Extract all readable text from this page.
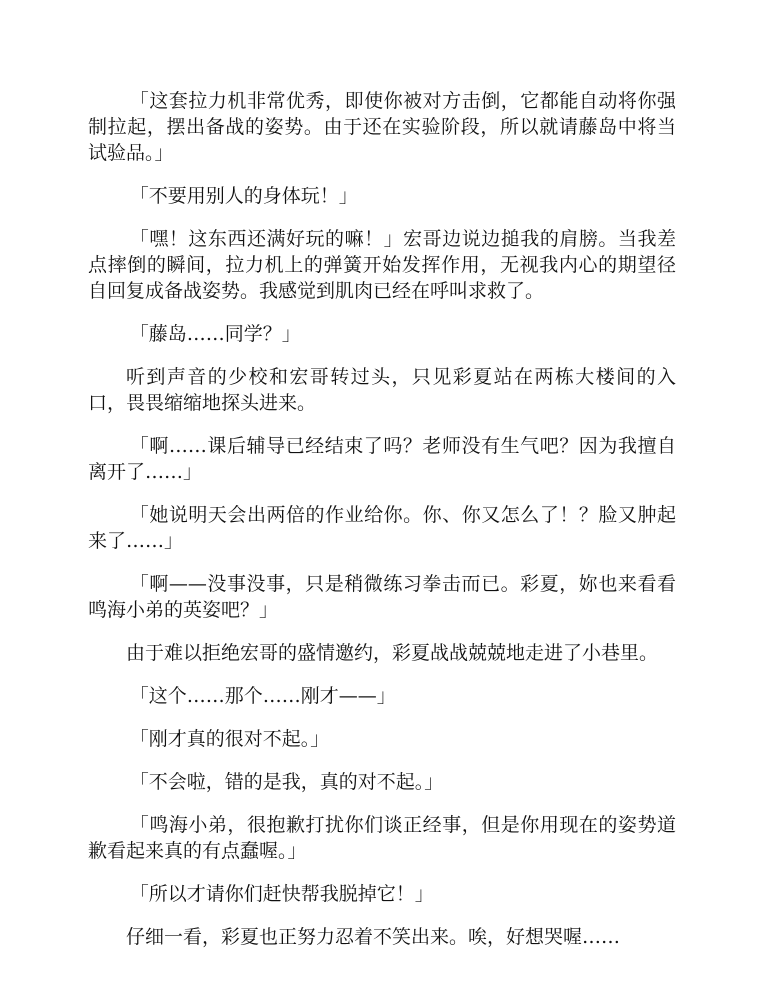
「这套拉力机非常优秀，即使你被对方击倒，它都能自动将你强制拉起，摆出备战的姿势。由于还在实验阶段，所以就请藤岛中将当试验品。」

「不要用别人的身体玩！」

「嘿！这东西还满好玩的嘛！」宏哥边说边搥我的肩膀。当我差点摔倒的瞬间，拉力机上的弹簧开始发挥作用，无视我内心的期望径自回复成备战姿势。我感觉到肌肉已经在呼叫求救了。

「藤岛……同学？」

听到声音的少校和宏哥转过头，只见彩夏站在两栋大楼间的入口，畏畏缩缩地探头进来。

「啊……课后辅导已经结束了吗？老师没有生气吧？因为我擅自离开了……」

「她说明天会出两倍的作业给你。你、你又怎么了！？脸又肿起来了……」

「啊——没事没事，只是稍微练习拳击而已。彩夏，妳也来看看鸣海小弟的英姿吧？」

由于难以拒绝宏哥的盛情邀约，彩夏战战兢兢地走进了小巷里。

「这个……那个……刚才——」

「刚才真的很对不起。」

「不会啦，错的是我，真的对不起。」

「鸣海小弟，很抱歉打扰你们谈正经事，但是你用现在的姿势道歉看起来真的有点蠢喔。」

「所以才请你们赶快帮我脱掉它！」

仔细一看，彩夏也正努力忍着不笑出来。唉，好想哭喔……
